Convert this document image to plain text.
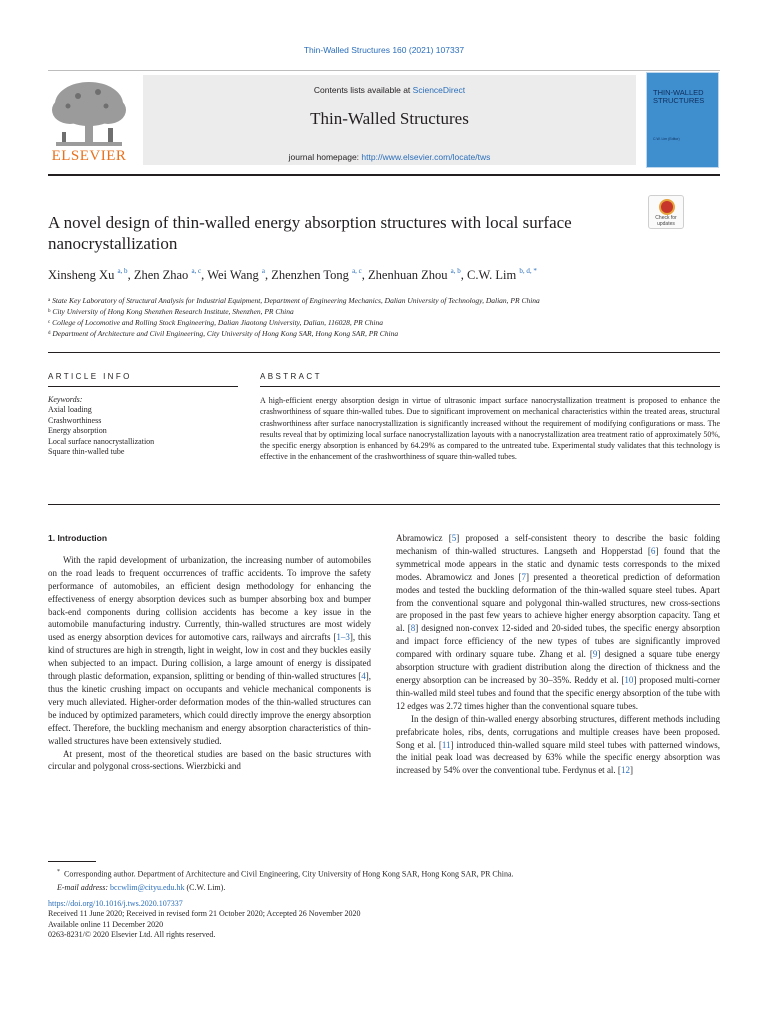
Thin-Walled Structures 160 (2021) 107337
ELSEVIER
Contents lists available at ScienceDirect
Thin-Walled Structures
journal homepage: http://www.elsevier.com/locate/tws
THIN-WALLED STRUCTURES
C.W. Lim (Editor)
A novel design of thin-walled energy absorption structures with local surface nanocrystallization
Check for updates
Xinsheng Xu $^{a, b}$, Zhen Zhao $^{a, c}$, Wei Wang $^a$, Zhenzhen Tong $^{a, c}$, Zhenhuan Zhou $^{a, b}$, C.W. Lim $^{b, d, *}$
$^a$ State Key Laboratory of Structural Analysis for Industrial Equipment, Department of Engineering Mechanics, Dalian University of Technology, Dalian, PR China
$^b$ City University of Hong Kong Shenzhen Research Institute, Shenzhen, PR China
$^c$ College of Locomotive and Rolling Stock Engineering, Dalian Jiaotong University, Dalian, 116028, PR China
$^d$ Department of Architecture and Civil Engineering, City University of Hong Kong SAR, Hong Kong SAR, PR China
ARTICLE INFO	ABSTRACT
Keywords:
Axial loading
Crashworthiness
Energy absorption
Local surface nanocrystallization
Square thin-walled tube
A high-efficient energy absorption design in virtue of ultrasonic impact surface nanocrystallization treatment is proposed to enhance the crashworthiness of square thin-walled tubes. Due to significant improvement on mechanical characteristics within the treated areas, structural crashworthiness after surface nanocrystallization is significantly increased without the requirement of modifying configurations or mass. The results reveal that by optimizing local surface nanocrystallization layouts with a nanocrystallization area treatment ratio of approximately 50%, the specific energy absorption is enhanced by 64.29% as compared to the untreated tube. Experimental study validates that this technology is effective in the enhancement of the crashworthiness of square thin-walled tubes.
1. Introduction

With the rapid development of urbanization, the increasing number of automobiles on the road leads to frequent occurrences of traffic accidents. To improve the safety performance of automobiles, an efficient design methodology for enhancing the effectiveness of energy absorption devices such as bumper absorbing box and bumper back-end components during collision accidents has become a key issue in the automobile manufacturing industry. Currently, thin-walled structures are most widely used as energy absorption devices for automotive cars, railways and aircrafts [1–3], this kind of structures are high in strength, light in weight, low in cost and they buckles easily when subjected to an impact. During collision, a large amount of energy is dissipated through plastic deformation, expansion, splitting or bending of thin-walled structures [4], thus the kinetic crushing impact on occupants and vehicle mechanical components is very much alleviated. Higher-order deformation modes of the thin-walled structures can be induced by optimized parameters, which could directly improve the energy absorption effect. Therefore, the buckling mechanism and energy absorption characteristics of thin-walled structures have been extensively studied.

At present, most of the theoretical studies are based on the basic structures with circular and polygonal cross-sections. Wierzbicki and

Abramowicz [5] proposed a self-consistent theory to describe the basic folding mechanism of thin-walled structures. Langseth and Hopperstad [6] found that the symmetrical mode appears in the static and dynamic tests corresponds to the mixed modes. Abramowicz and Jones [7] presented a theoretical prediction of deformation modes and tested the buckling deformation of the thin-walled square steel tubes. Apart from the conventional square and polygonal thin-walled structures, new cross-sections are proposed in the past few years to achieve higher energy absorption capacity. Tang et al. [8] designed non-convex 12-sided and 20-sided tubes, the specific energy absorption and impact force efficiency of the new types of tubes are significantly improved compared with ordinary square tube. Zhang et al. [9] designed a square tube energy absorption structure with gradient distribution along the direction of thickness and the energy absorption can be increased by 30–35%. Reddy et al. [10] proposed multi-corner thin-walled mild steel tubes and found that the specific energy absorption of the tube with 12 edges was 2.72 times higher than the conventional square tubes.

In the design of thin-walled energy absorbing structures, different methods including prefabricate holes, ribs, dents, corrugations and multiple creases have been proposed. Song et al. [11] introduced thin-walled square mild steel tubes with patterned windows, the initial peak load was decreased by 63% while the specific energy absorption was increased by 54% over the conventional tube. Ferdynus et al. [12]

* Corresponding author. Department of Architecture and Civil Engineering, City University of Hong Kong SAR, Hong Kong SAR, PR China.
E-mail address: bccwlim@cityu.edu.hk (C.W. Lim).
https://doi.org/10.1016/j.tws.2020.107337
Received 11 June 2020; Received in revised form 21 October 2020; Accepted 26 November 2020
Available online 11 December 2020
0263-8231/© 2020 Elsevier Ltd. All rights reserved.
